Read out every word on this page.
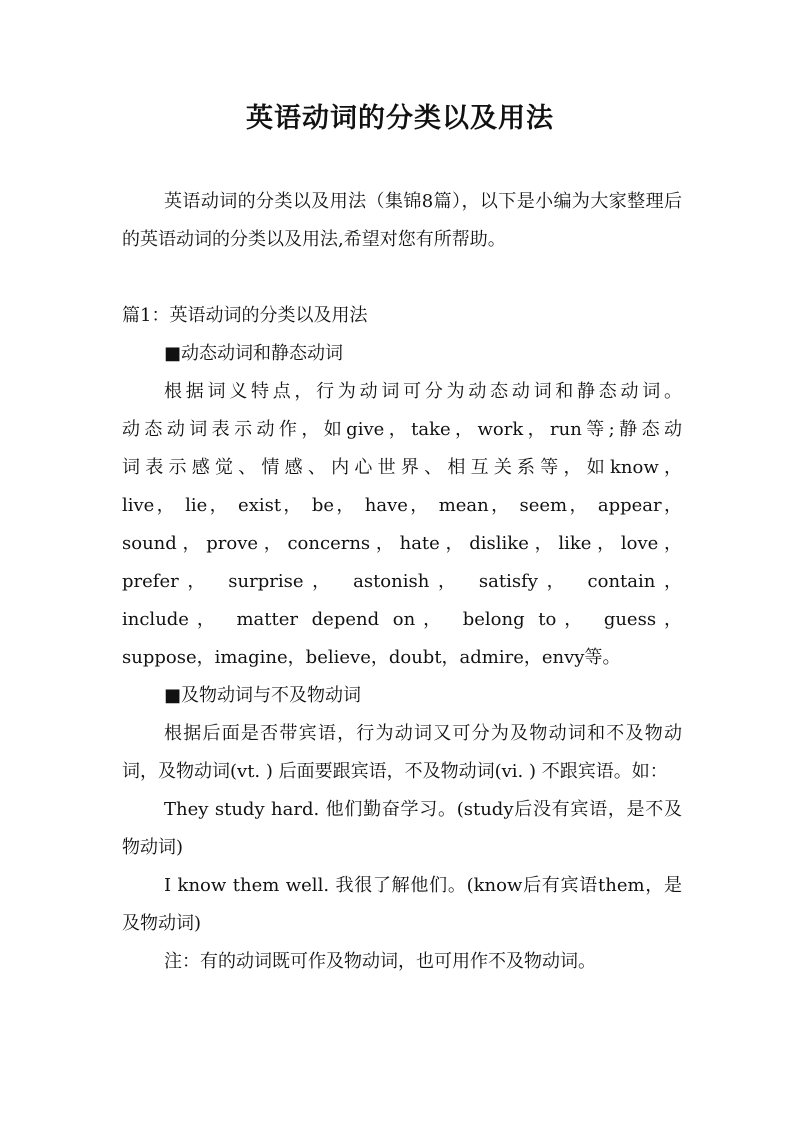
英语动词的分类以及用法

英语动词的分类以及用法（集锦8篇），以下是小编为大家整理后的英语动词的分类以及用法,希望对您有所帮助。

篇1：英语动词的分类以及用法

■动态动词和静态动词

根据词义特点，行为动词可分为动态动词和静态动词。
动态动词表示动作，如give，take，work，run等;静态动
词表示感觉、情感、内心世界、相互关系等，如know，
live， lie， exist， be， have， mean， seem， appear，
sound，prove，concerns，hate，dislike，like，love，
prefer， surprise， astonish， satisfy， contain，
include， matter depend on， belong to， guess，

suppose，imagine，believe，doubt，admire，envy等。

■及物动词与不及物动词

根据后面是否带宾语，行为动词又可分为及物动词和不及物动词，及物动词(vt. ) 后面要跟宾语，不及物动词(vi. ) 不跟宾语。如：

They study hard. 他们勤奋学习。(study后没有宾语，是不及物动词)

I know them well. 我很了解他们。(know后有宾语them，是及物动词)

注：有的动词既可作及物动词，也可用作不及物动词。
